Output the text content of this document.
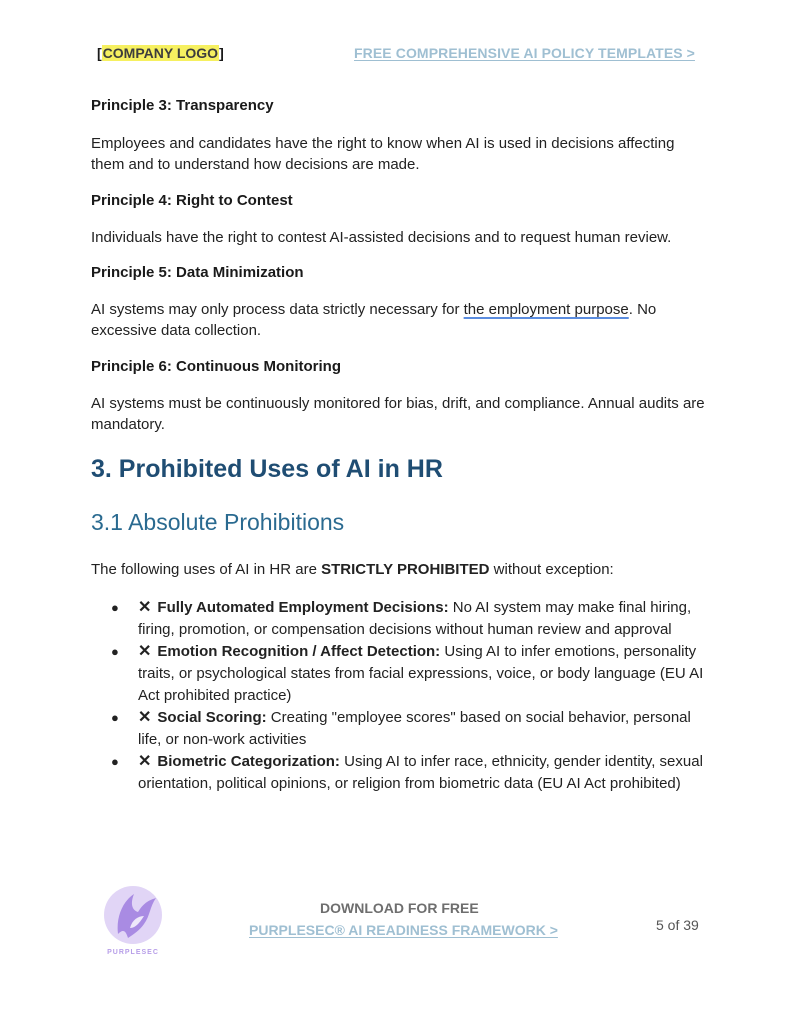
[COMPANY LOGO]	FREE COMPREHENSIVE AI POLICY TEMPLATES >

Principle 3: Transparency

Employees and candidates have the right to know when AI is used in decisions affecting them and to understand how decisions are made.

Principle 4: Right to Contest

Individuals have the right to contest AI-assisted decisions and to request human review.

Principle 5: Data Minimization

AI systems may only process data strictly necessary for the employment purpose. No excessive data collection.

Principle 6: Continuous Monitoring

AI systems must be continuously monitored for bias, drift, and compliance. Annual audits are mandatory.

3. Prohibited Uses of AI in HR
3.1 Absolute Prohibitions
The following uses of AI in HR are STRICTLY PROHIBITED without exception:
● ✕ Fully Automated Employment Decisions: No AI system may make final hiring, firing, promotion, or compensation decisions without human review and approval
● ✕ Emotion Recognition / Affect Detection: Using AI to infer emotions, personality traits, or psychological states from facial expressions, voice, or body language (EU AI Act prohibited practice)
● ✕ Social Scoring: Creating "employee scores" based on social behavior, personal life, or non-work activities
● ✕ Biometric Categorization: Using AI to infer race, ethnicity, gender identity, sexual orientation, political opinions, or religion from biometric data (EU AI Act prohibited)
PURPLESEC
DOWNLOAD FOR FREE
PURPLESEC® AI READINESS FRAMEWORK >	5 of 39
